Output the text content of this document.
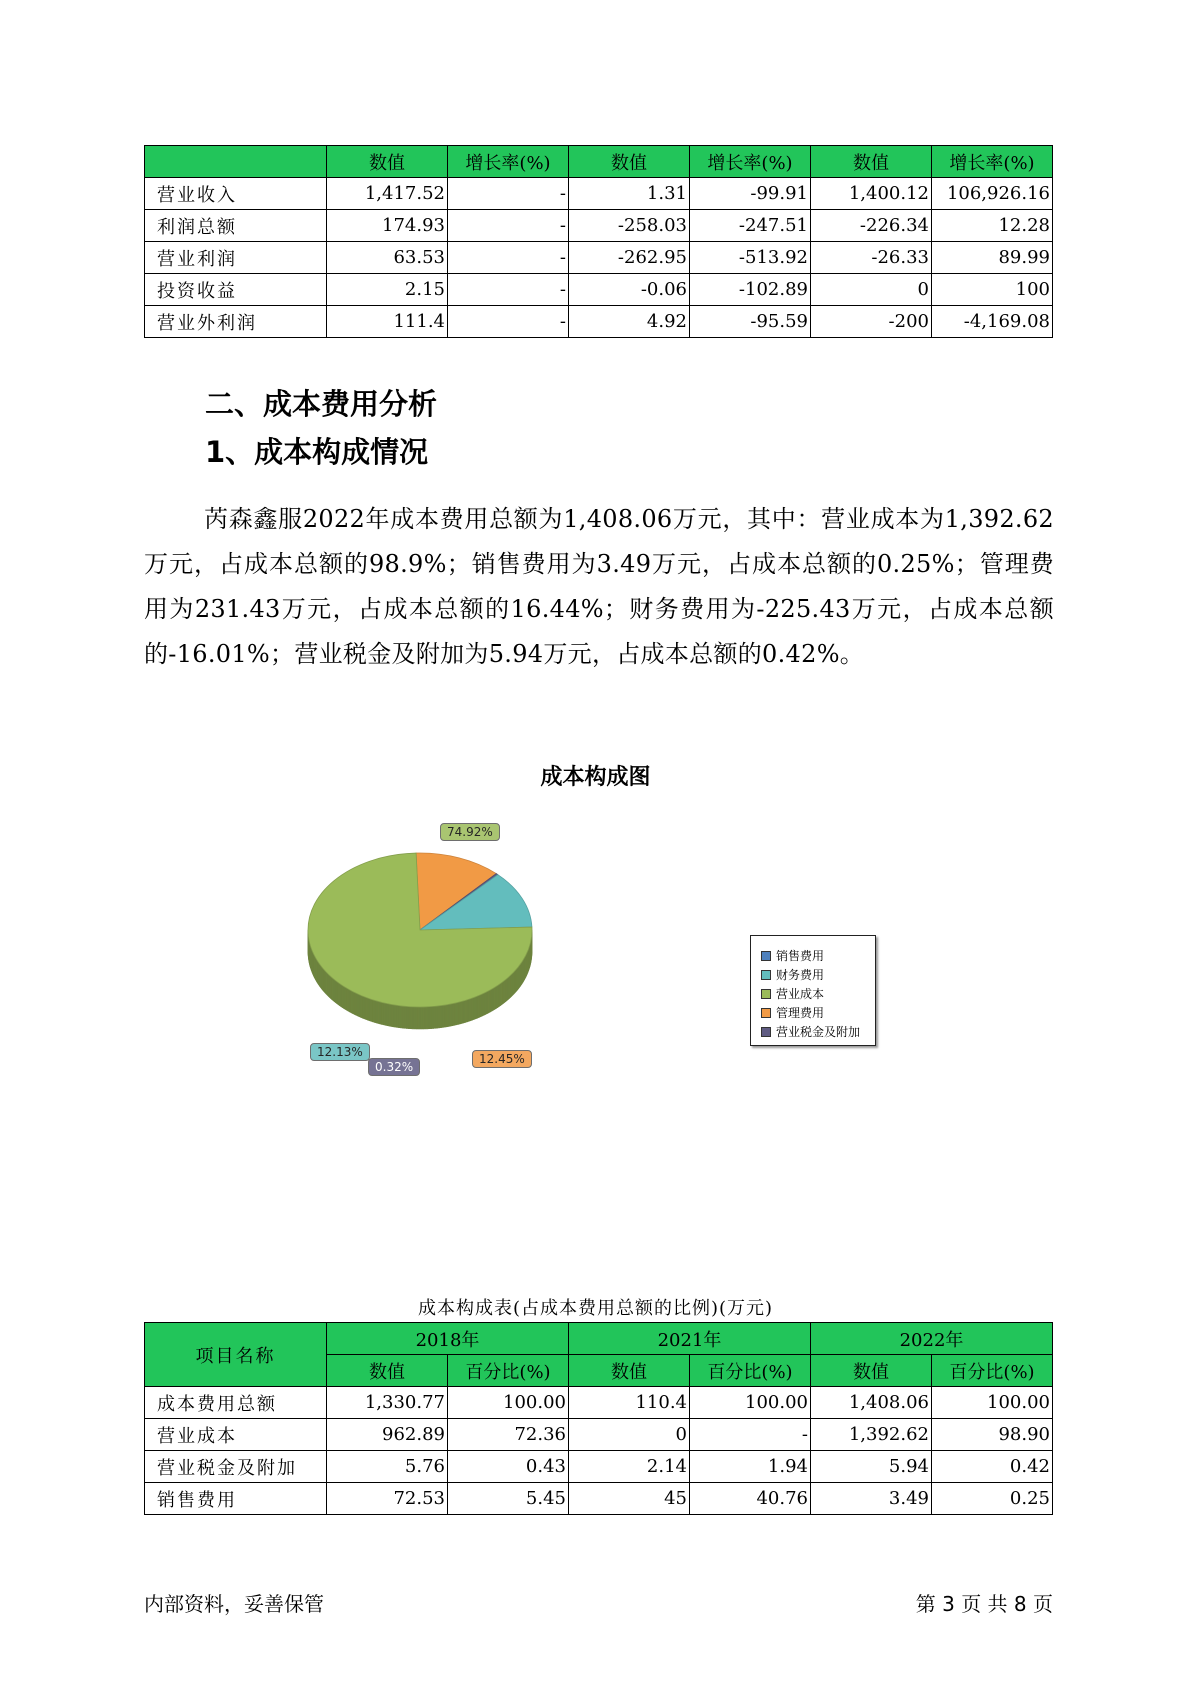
	数值	增长率(%)	数值	增长率(%)	数值	增长率(%)
营业收入	1,417.52	-	1.31	-99.91	1,400.12	106,926.16
利润总额	174.93	-	-258.03	-247.51	-226.34	12.28
营业利润	63.53	-	-262.95	-513.92	-26.33	89.99
投资收益	2.15	-	-0.06	-102.89	0	100
营业外利润	111.4	-	4.92	-95.59	-200	-4,169.08
二、成本费用分析
1、成本构成情况

芮森鑫服2022年成本费用总额为1,408.06万元，其中：营业成本为1,392.62万元，占成本总额的98.9%；销售费用为3.49万元，占成本总额的0.25%；管理费用为231.43万元，占成本总额的16.44%；财务费用为-225.43万元，占成本总额的-16.01%；营业税金及附加为5.94万元，占成本总额的0.42%。

成本构成图
12.45%
0.32%
12.13%
74.92%
销售费用
财务费用
营业成本
管理费用
营业税金及附加
成本构成表(占成本费用总额的比例)(万元)
项目名称	2018年		2021年		2022年	
	数值	百分比(%)	数值	百分比(%)	数值	百分比(%)
成本费用总额	1,330.77	100.00	110.4	100.00	1,408.06	100.00
营业成本	962.89	72.36	0	-	1,392.62	98.90
营业税金及附加	5.76	0.43	2.14	1.94	5.94	0.42
销售费用	72.53	5.45	45	40.76	3.49	0.25
内部资料，妥善保管	第 3 页 共 8 页
